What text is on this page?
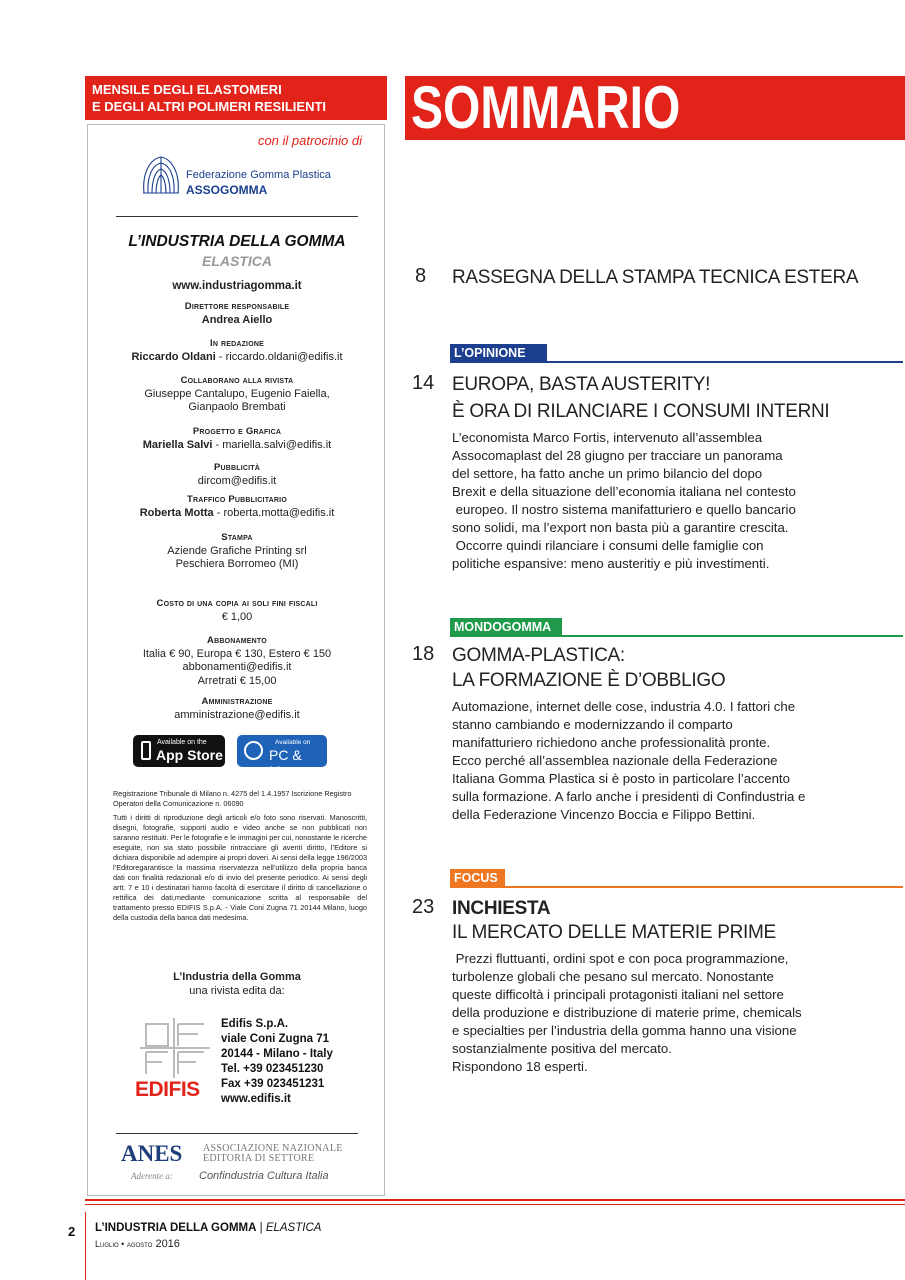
MENSILE DEGLI ELASTOMERI
E DEGLI ALTRI POLIMERI RESILIENTI
con il patrocinio di
Federazione Gomma Plastica
ASSOGOMMA
L’INDUSTRIA DELLA GOMMA
ELASTICA
www.industriagomma.it
Direttore responsabile
Andrea Aiello
In redazione
Riccardo Oldani - riccardo.oldani@edifis.it
Collaborano alla rivista
Giuseppe Cantalupo, Eugenio Faiella,
Gianpaolo Brembati
Progetto e Grafica
Mariella Salvi - mariella.salvi@edifis.it
Pubblicità
dircom@edifis.it
Traffico Pubblicitario
Roberta Motta - roberta.motta@edifis.it
Stampa
Aziende Grafiche Printing srl
Peschiera Borromeo (MI)
Costo di una copia ai soli fini fiscali
€ 1,00
Abbonamento
Italia € 90, Europa € 130, Estero € 150
abbonamenti@edifis.it
Arretrati € 15,00
Amministrazione
amministrazione@edifis.it
Available on the
App Store
Available on
PC & Mac
Registrazione Tribunale di Milano n. 4275 del 1.4.1957 Iscrizione Registro Operatori della Comunicazione n. 06090
Tutti i diritti di riproduzione degli articoli e/o foto sono riservati. Manoscritti, disegni, fotografie, supporti audio e video anche se non pubblicati non saranno restituiti. Per le fotografie e le immagini per cui, nonostante le ricerche eseguite, non sia stato possibile rintracciare gli aventi diritto, l’Editore si dichiara disponibile ad adempire ai propri doveri. Ai sensi della legge 196/2003 l’Editoregarantisce la massima riservatezza nell’utilizzo della propria banca dati con finalità redazionali e/o di invio del presente periodico. Ai sensi degli artt. 7 e 10 i destinatari hanno facoltà di esercitare il diritto di cancellazione o rettifica dei dati,mediante comunicazione scritta al responsabile del trattamento presso EDIFIS S.p.A. - Viale Coni Zugna 71 20144 Milano, luogo della custodia della banca dati medesima.
L’Industria della Gomma
una rivista edita da:
EDIFIS
Edifis S.p.A.
viale Coni Zugna 71
20144 - Milano - Italy
Tel. +39 023451230
Fax +39 023451231
www.edifis.it
ANES ASSOCIAZIONE NAZIONALE
EDITORIA DI SETTORE
Aderente a: Confindustria Cultura Italia
SOMMARIO
8 RASSEGNA DELLA STAMPA TECNICA ESTERA
L’OPINIONE
14 EUROPA, BASTA AUSTERITY!
È ORA DI RILANCIARE I CONSUMI INTERNI
L’economista Marco Fortis, intervenuto all’assemblea
Assocomaplast del 28 giugno per tracciare un panorama
del settore, ha fatto anche un primo bilancio del dopo
Brexit e della situazione dell’economia italiana nel contesto
europeo. Il nostro sistema manifatturiero e quello bancario
sono solidi, ma l’export non basta più a garantire crescita.
Occorre quindi rilanciare i consumi delle famiglie con
politiche espansive: meno austeritiy e più investimenti.
MONDOGOMMA
18 GOMMA-PLASTICA:
LA FORMAZIONE È D’OBBLIGO
Automazione, internet delle cose, industria 4.0. I fattori che
stanno cambiando e modernizzando il comparto
manifatturiero richiedono anche professionalità pronte.
Ecco perché all’assemblea nazionale della Federazione
Italiana Gomma Plastica si è posto in particolare l’accento
sulla formazione. A farlo anche i presidenti di Confindustria e
della Federazione Vincenzo Boccia e Filippo Bettini.
FOCUS
23 INCHIESTA
IL MERCATO DELLE MATERIE PRIME
Prezzi fluttuanti, ordini spot e con poca programmazione,
turbolenze globali che pesano sul mercato. Nonostante
queste difficoltà i principali protagonisti italiani nel settore
della produzione e distribuzione di materie prime, chemicals
e specialties per l’industria della gomma hanno una visione
sostanzialmente positiva del mercato.
Rispondono 18 esperti.
2 L’INDUSTRIA DELLA GOMMA | ELASTICA
Luglio • agosto 2016
